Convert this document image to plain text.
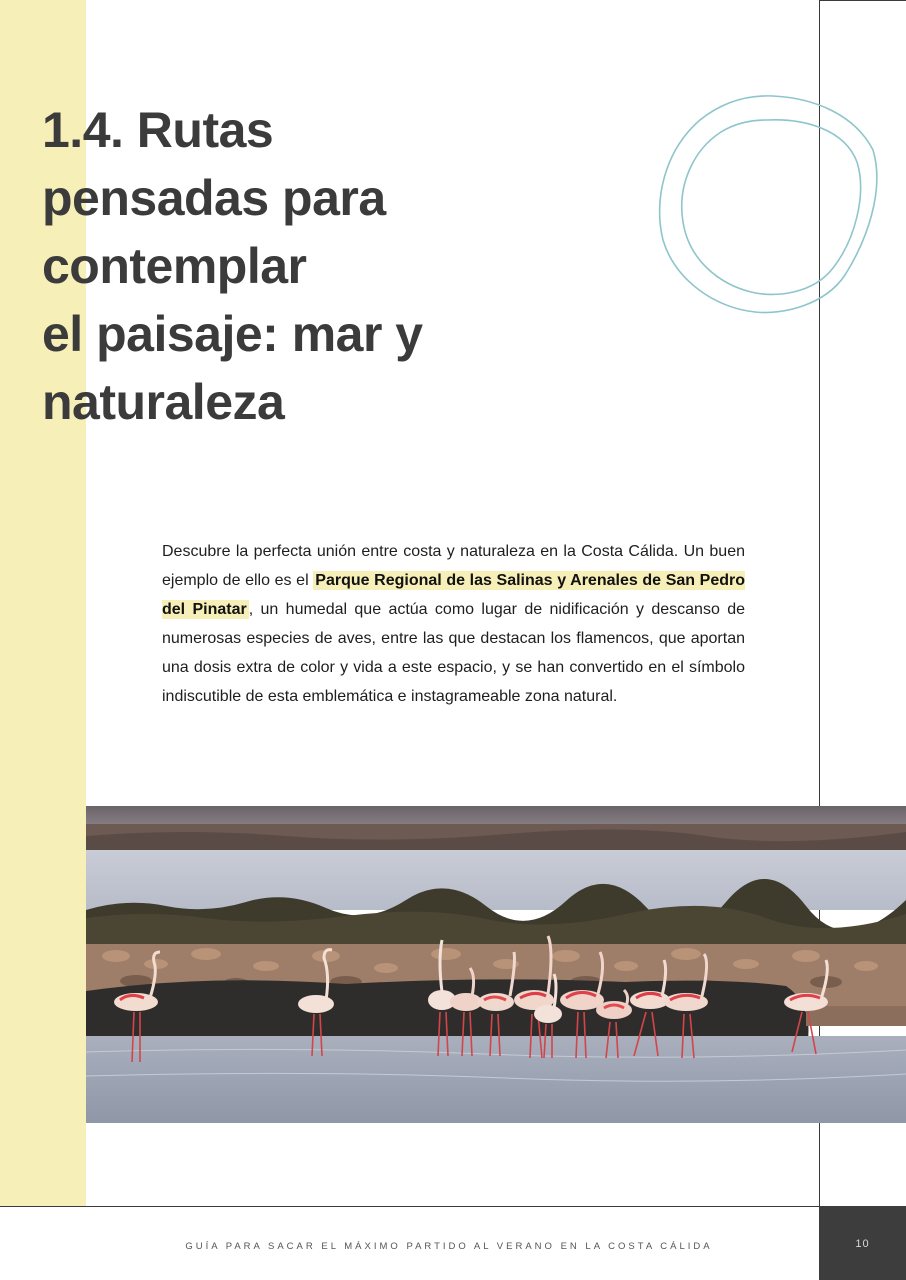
1.4. Rutas
pensadas para
contemplar
el paisaje: mar y
naturaleza

Descubre la perfecta unión entre costa y naturaleza en la Costa Cálida. Un buen ejemplo de ello es el Parque Regional de las Salinas y Arenales de San Pedro del Pinatar , un humedal que actúa como lugar de nidificación y descanso de numerosas especies de aves, entre las que destacan los flamencos, que aportan una dosis extra de color y vida a este espacio, y se han convertido en el símbolo indiscutible de esta emblemática e instagrameable zona natural.

GUÍA PARA SACAR EL MÁXIMO PARTIDO AL VERANO EN LA COSTA CÁLIDA	10
